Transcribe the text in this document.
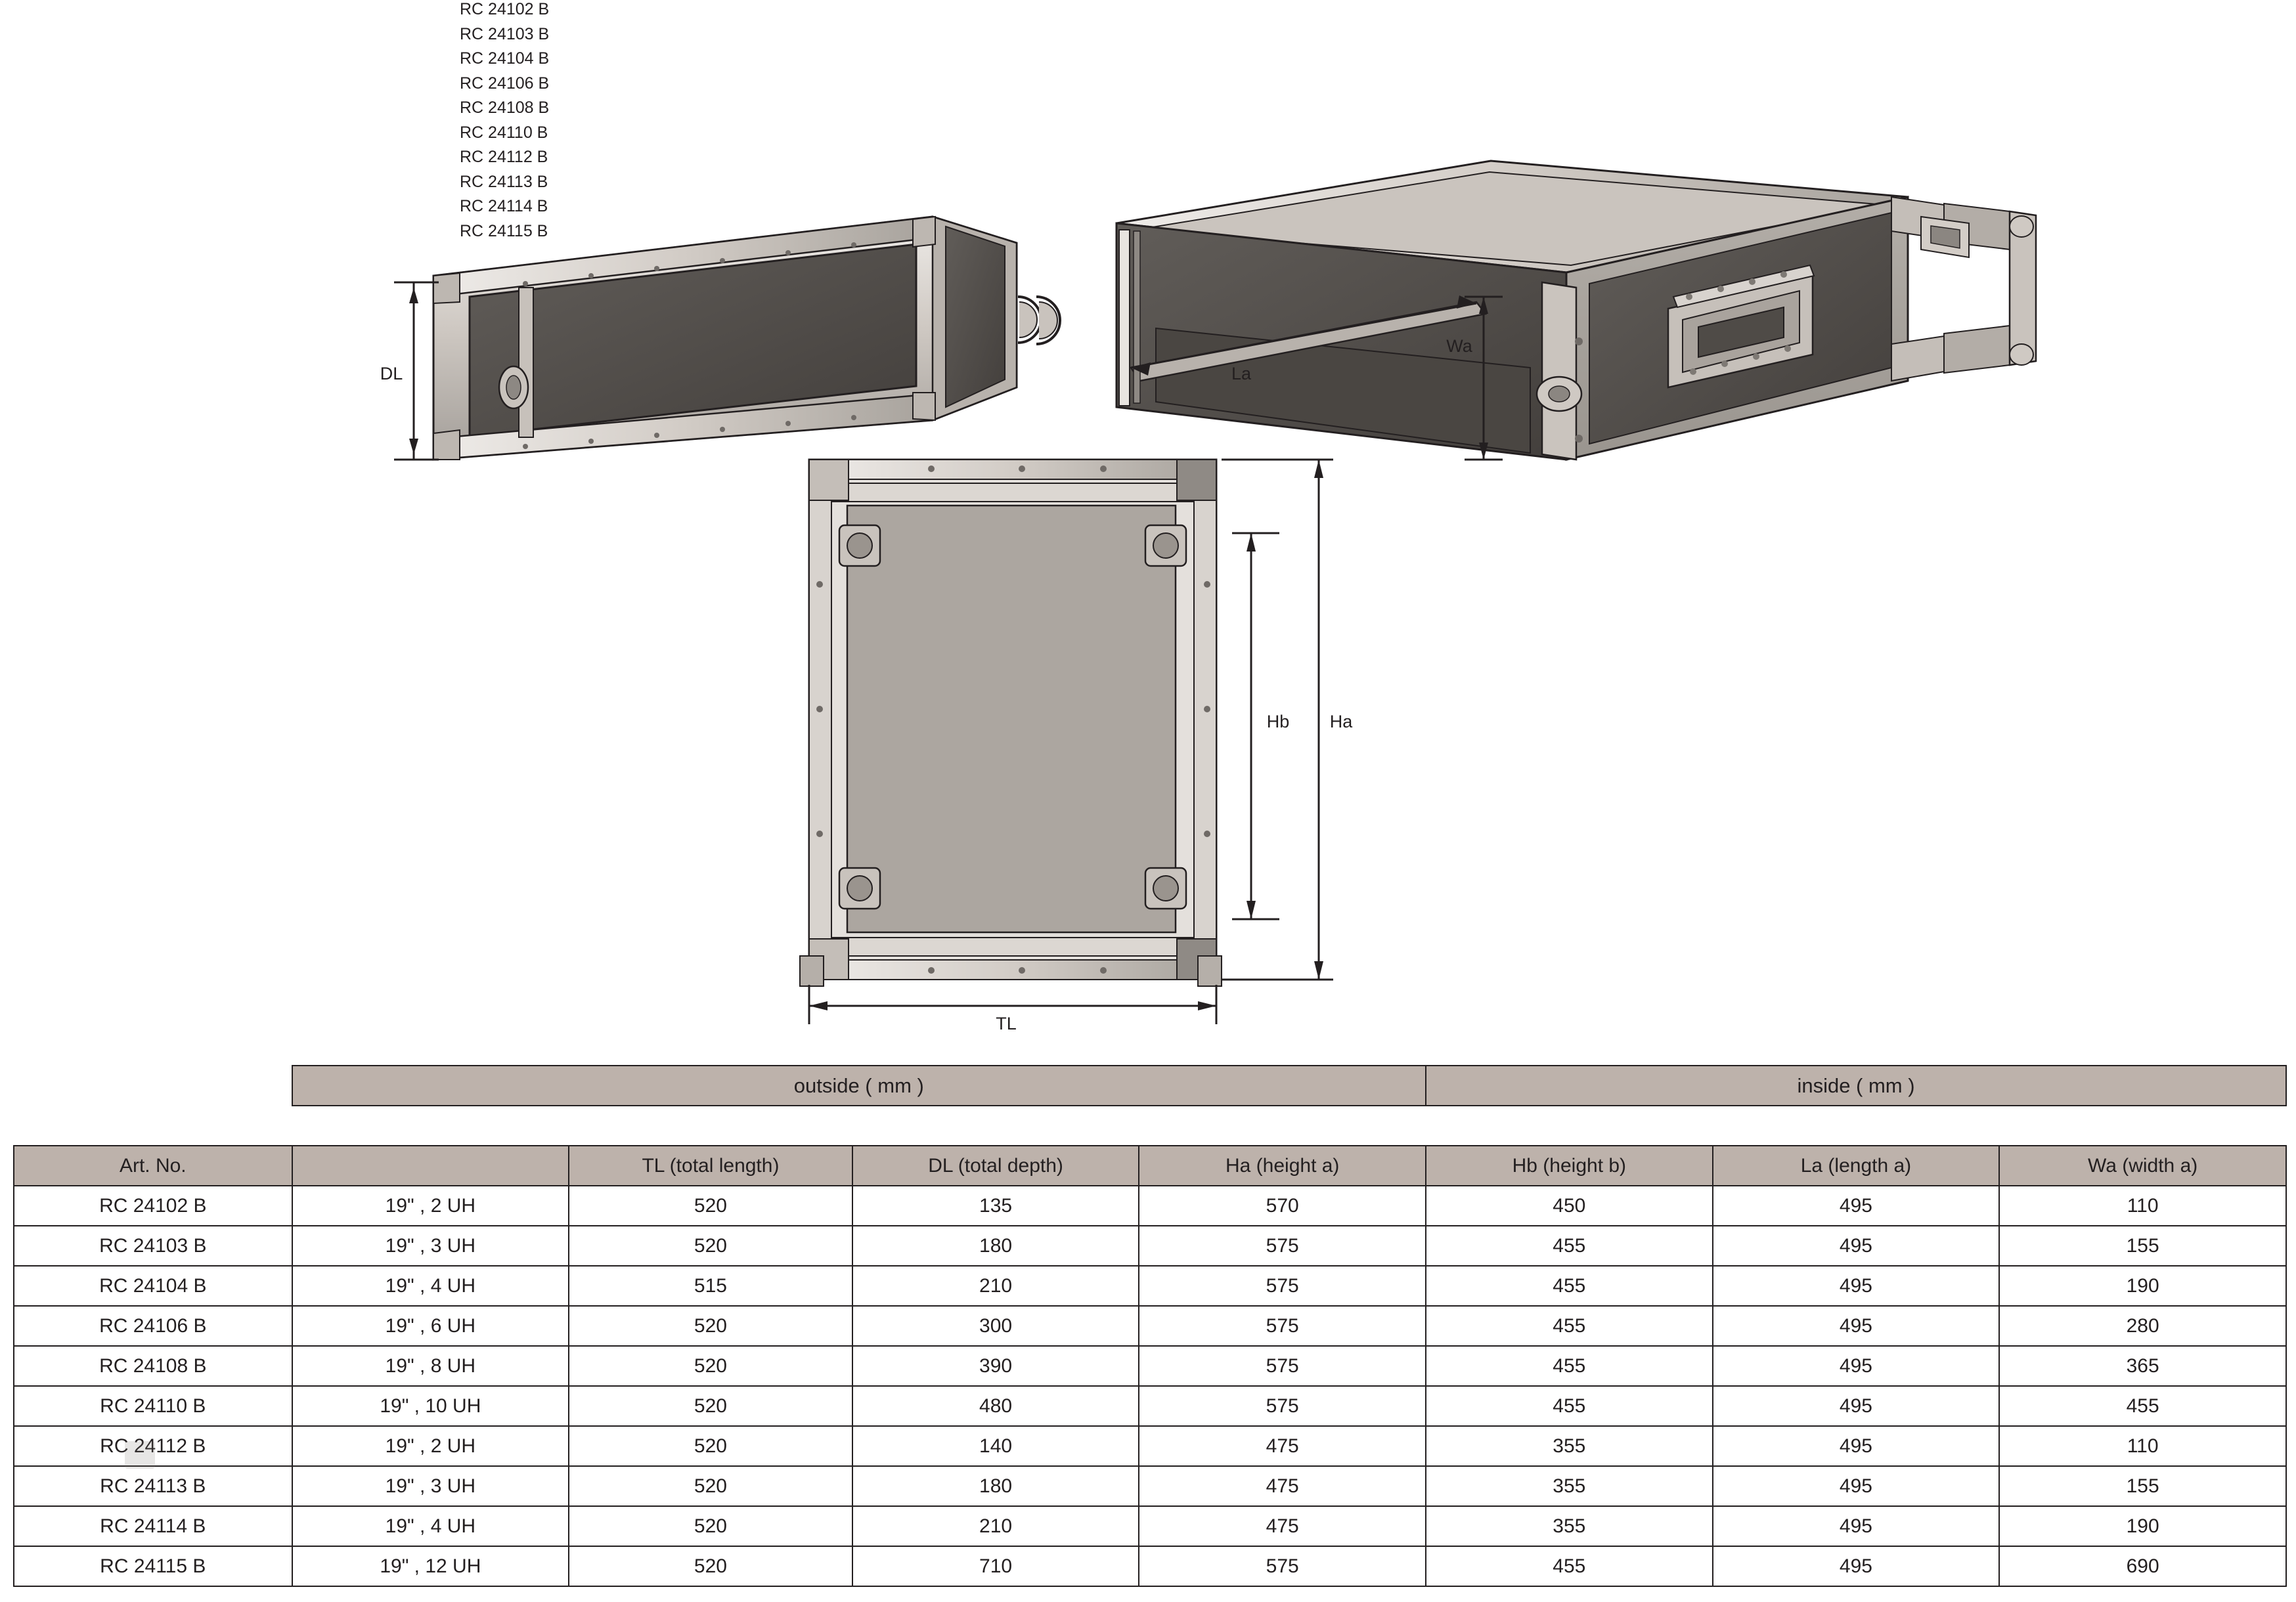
RC 24102 B
RC 24103 B
RC 24104 B
RC 24106 B
RC 24108 B
RC 24110 B
RC 24112 B
RC 24113 B
RC 24114 B
RC 24115 B
DL
Wa
La
Hb Ha
TL
	outside ( mm )				inside ( mm )		

Art. No.		TL (total length)	DL (total depth)	Ha (height a)	Hb (height b)	La (length a)	Wa (width a)
RC 24102 B	19" , 2 UH	520	135	570	450	495	110
RC 24103 B	19" , 3 UH	520	180	575	455	495	155
RC 24104 B	19" , 4 UH	515	210	575	455	495	190
RC 24106 B	19" , 6 UH	520	300	575	455	495	280
RC 24108 B	19" , 8 UH	520	390	575	455	495	365
RC 24110 B	19" , 10 UH	520	480	575	455	495	455
RC 24112 B	19" , 2 UH	520	140	475	355	495	110
RC 24113 B	19" , 3 UH	520	180	475	355	495	155
RC 24114 B	19" , 4 UH	520	210	475	355	495	190
RC 24115 B	19" , 12 UH	520	710	575	455	495	690
